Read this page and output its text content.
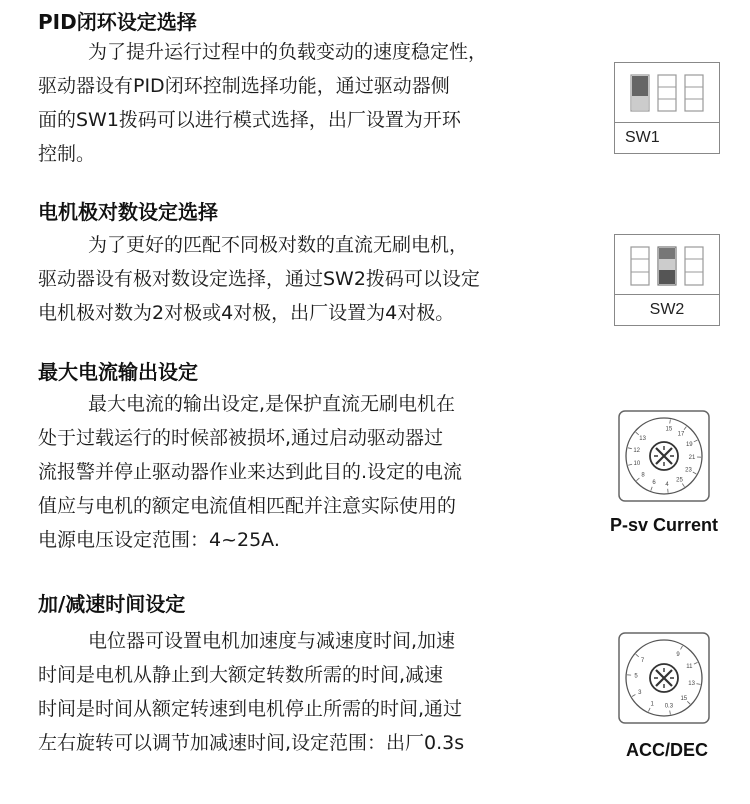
PID闭环设定选择
为了提升运行过程中的负载变动的速度稳定性，
驱动器设有PID闭环控制选择功能，通过驱动器侧
面的SW1拨码可以进行模式选择，出厂设置为开环
控制。
SW1
电机极对数设定选择
为了更好的匹配不同极对数的直流无刷电机，
驱动器设有极对数设定选择，通过SW2拨码可以设定
电机极对数为2对极或4对极，出厂设置为4对极。	SW2
最大电流输出设定
最大电流的输出设定,是保护直流无刷电机在
处于过载运行的时候部被损坏,通过启动驱动器过
流报警并停止驱动器作业来达到此目的.设定的电流
值应与电机的额定电流值相匹配并注意实际使用的
电源电压设定范围：4~25A.
15
17
19
21
23
25
4
6
8
10
12
13
P-sv Current
加/减速时间设定
电位器可设置电机加速度与减速度时间,加速
时间是电机从静止到大额定转数所需的时间,减速
时间是时间从额定转速到电机停止所需的时间,通过
左右旋转可以调节加减速时间,设定范围：出厂0.3s
9
11
13
15
0.3
1
3
5
7
ACC/DEC
